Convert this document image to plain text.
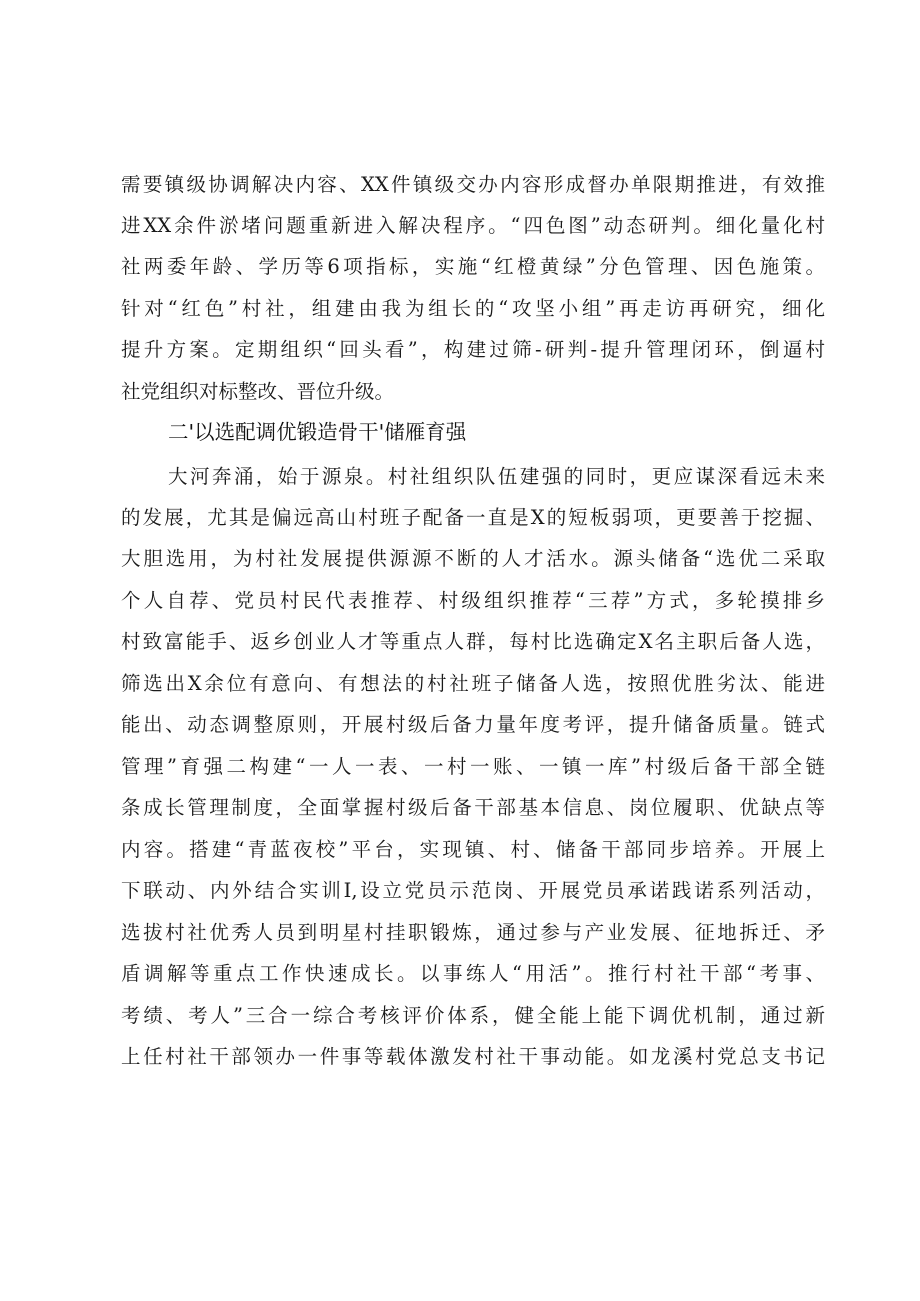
需要镇级协调解决内容、XX件镇级交办内容形成督办单限期推进，有效推
进XX余件淤堵问题重新进入解决程序。“四色图”动态研判。细化量化村
社两委年龄、学历等6项指标，实施“红橙黄绿”分色管理、因色施策。
针对“红色”村社，组建由我为组长的“攻坚小组”再走访再研究，细化
提升方案。定期组织“回头看”，构建过筛-研判-提升管理闭环，倒逼村
社党组织对标整改、晋位升级。
二'以选配调优锻造骨干'储雁育强
大河奔涌，始于源泉。村社组织队伍建强的同时，更应谋深看远未来
的发展，尤其是偏远高山村班子配备一直是X的短板弱项，更要善于挖掘、
大胆选用，为村社发展提供源源不断的人才活水。源头储备“选优二采取
个人自荐、党员村民代表推荐、村级组织推荐“三荐”方式，多轮摸排乡
村致富能手、返乡创业人才等重点人群，每村比选确定X名主职后备人选，
筛选出X余位有意向、有想法的村社班子储备人选，按照优胜劣汰、能进
能出、动态调整原则，开展村级后备力量年度考评，提升储备质量。链式
管理”育强二构建“一人一表、一村一账、一镇一库”村级后备干部全链
条成长管理制度，全面掌握村级后备干部基本信息、岗位履职、优缺点等
内容。搭建“青蓝夜校”平台，实现镇、村、储备干部同步培养。开展上
下联动、内外结合实训I,设立党员示范岗、开展党员承诺践诺系列活动，
选拔村社优秀人员到明星村挂职锻炼，通过参与产业发展、征地拆迁、矛
盾调解等重点工作快速成长。以事练人“用活”。推行村社干部“考事、
考绩、考人”三合一综合考核评价体系，健全能上能下调优机制，通过新
上任村社干部领办一件事等载体激发村社干事动能。如龙溪村党总支书记
